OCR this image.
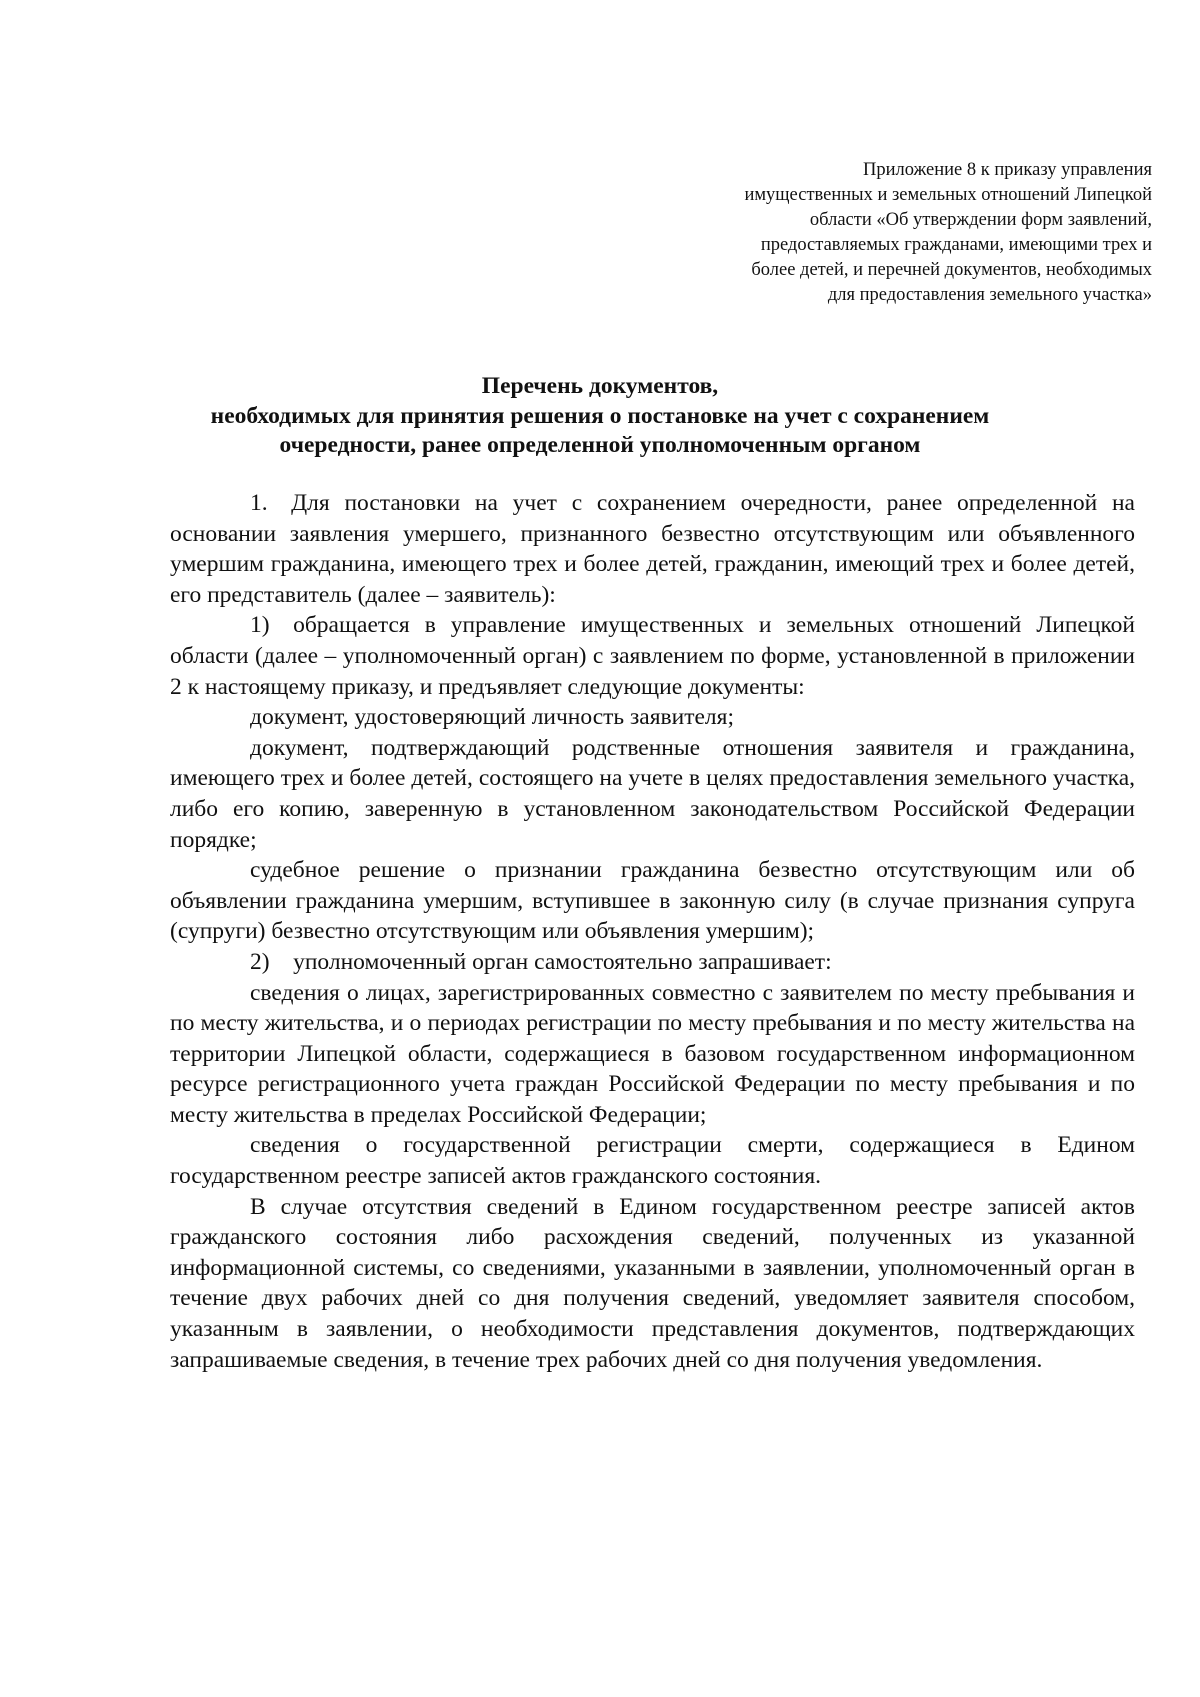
Приложение 8 к приказу управления
имущественных и земельных отношений Липецкой
области «Об утверждении форм заявлений,
предоставляемых гражданами, имеющими трех и
более детей, и перечней документов, необходимых
для предоставления земельного участка»
Перечень документов,
необходимых для принятия решения о постановке на учет с сохранением
очередности, ранее определенной уполномоченным органом

1. Для постановки на учет с сохранением очередности, ранее определенной на основании заявления умершего, признанного безвестно отсутствующим или объявленного умершим гражданина, имеющего трех и более детей, гражданин, имеющий трех и более детей, его представитель (далее – заявитель):

1) обращается в управление имущественных и земельных отношений Липецкой области (далее – уполномоченный орган) с заявлением по форме, установленной в приложении 2 к настоящему приказу, и предъявляет следующие документы:

документ, удостоверяющий личность заявителя;

документ, подтверждающий родственные отношения заявителя и гражданина, имеющего трех и более детей, состоящего на учете в целях предоставления земельного участка, либо его копию, заверенную в установленном законодательством Российской Федерации порядке;

судебное решение о признании гражданина безвестно отсутствующим или об объявлении гражданина умершим, вступившее в законную силу (в случае признания супруга (супруги) безвестно отсутствующим или объявления умершим);

2) уполномоченный орган самостоятельно запрашивает:

сведения о лицах, зарегистрированных совместно с заявителем по месту пребывания и по месту жительства, и о периодах регистрации по месту пребывания и по месту жительства на территории Липецкой области, содержащиеся в базовом государственном информационном ресурсе регистрационного учета граждан Российской Федерации по месту пребывания и по месту жительства в пределах Российской Федерации;

сведения о государственной регистрации смерти, содержащиеся в Едином государственном реестре записей актов гражданского состояния.

В случае отсутствия сведений в Едином государственном реестре записей актов гражданского состояния либо расхождения сведений, полученных из указанной информационной системы, со сведениями, указанными в заявлении, уполномоченный орган в течение двух рабочих дней со дня получения сведений, уведомляет заявителя способом, указанным в заявлении, о необходимости представления документов, подтверждающих запрашиваемые сведения, в течение трех рабочих дней со дня получения уведомления.
